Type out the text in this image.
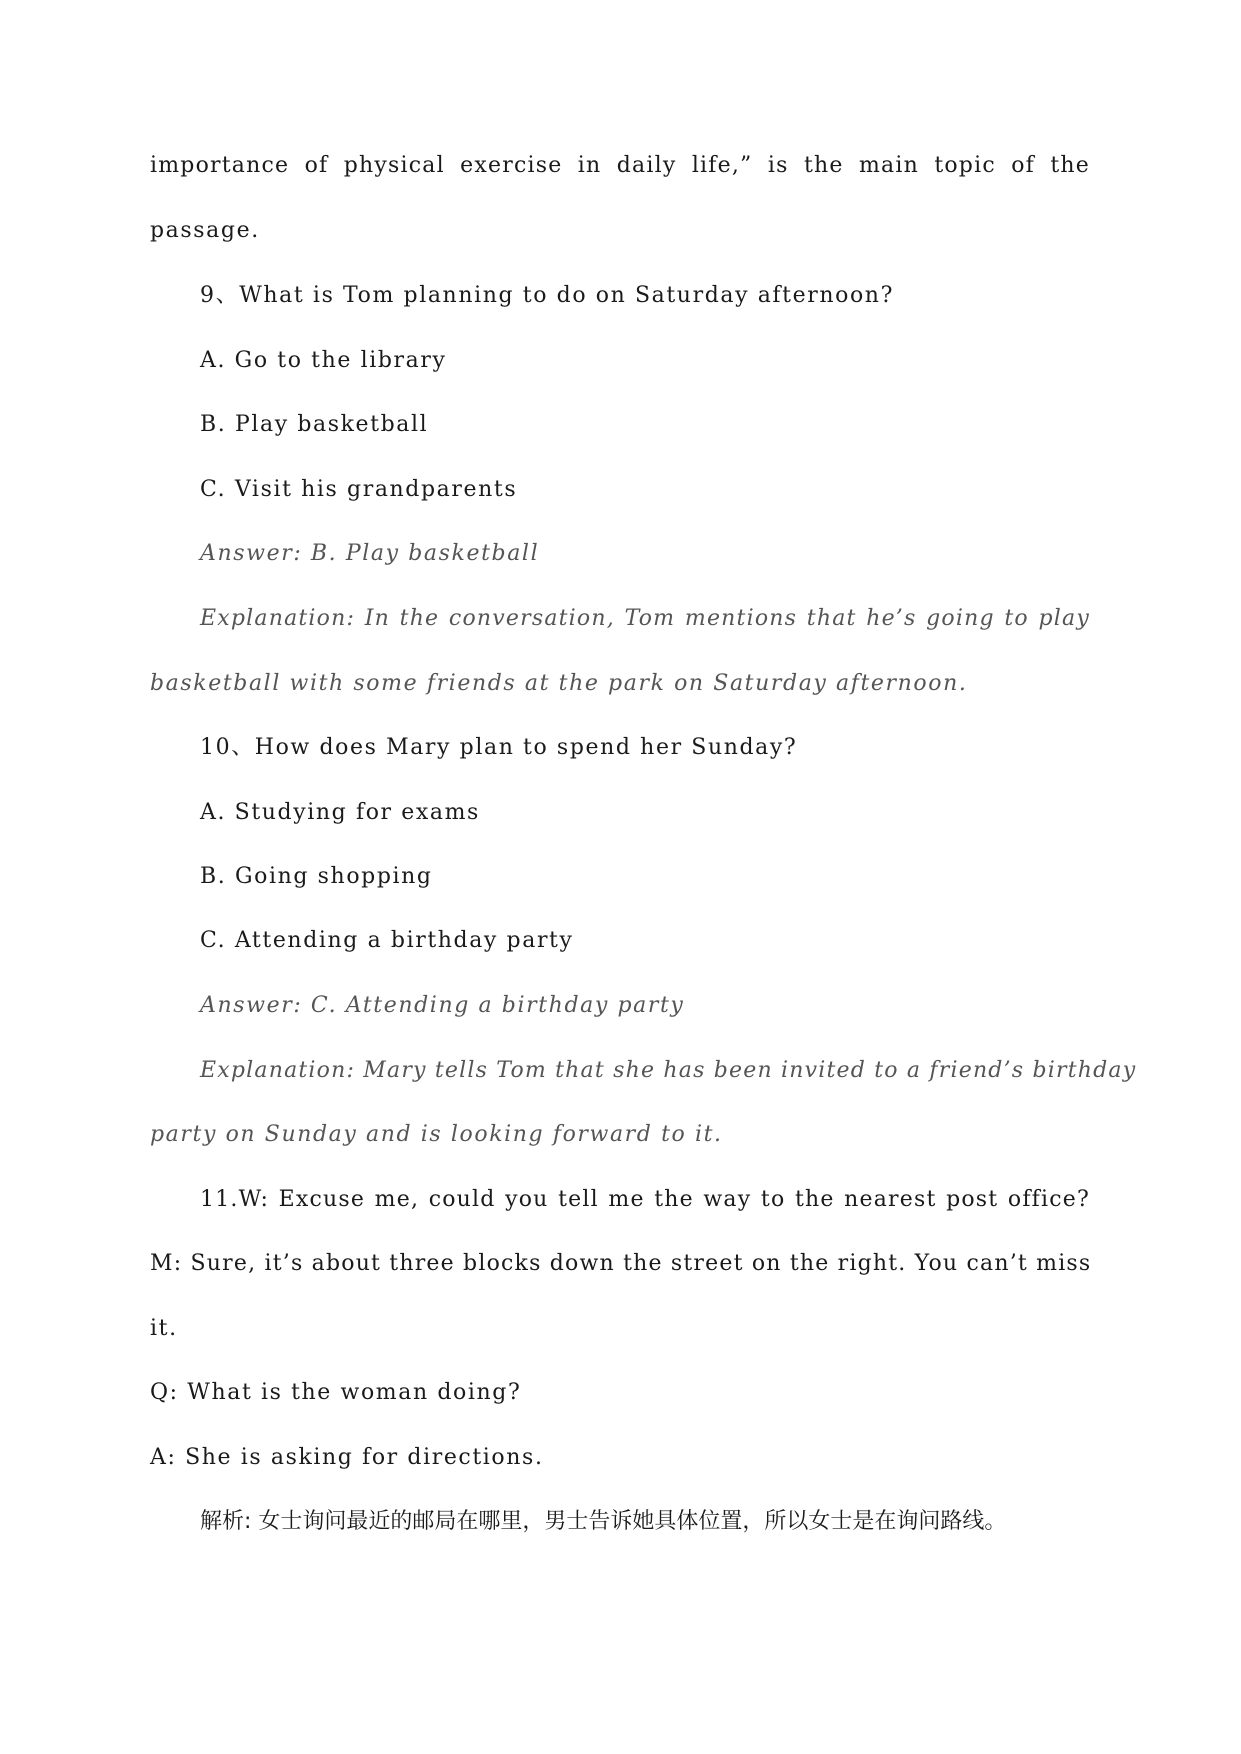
importance of physical exercise in daily life,” is the main topic of the
passage.
9、What is Tom planning to do on Saturday afternoon?
A. Go to the library
B. Play basketball
C. Visit his grandparents
Answer: B. Play basketball
Explanation: In the conversation, Tom mentions that he’s going to play
basketball with some friends at the park on Saturday afternoon.
10、How does Mary plan to spend her Sunday?
A. Studying for exams
B. Going shopping
C. Attending a birthday party
Answer: C. Attending a birthday party
Explanation: Mary tells Tom that she has been invited to a friend’s birthday
party on Sunday and is looking forward to it.
11.W: Excuse me, could you tell me the way to the nearest post office?
M: Sure, it’s about three blocks down the street on the right. You can’t miss
it.
Q: What is the woman doing?
A: She is asking for directions.
解析: 女士询问最近的邮局在哪里，男士告诉她具体位置，所以女士是在询问路线。
